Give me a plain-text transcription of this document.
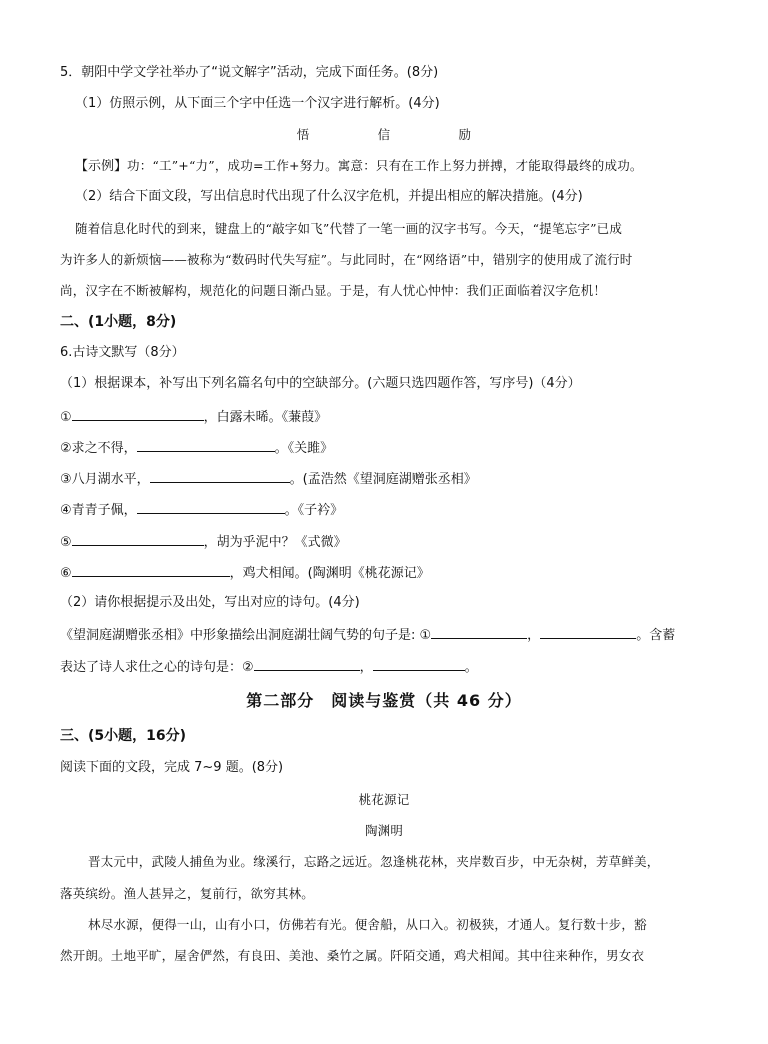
5．朝阳中学文学社举办了“说文解字”活动，完成下面任务。(8分)
（1）仿照示例，从下面三个字中任选一个汉字进行解析。(4分)
悟	信	励
【示例】功：“工”+“力”，成功=工作+努力。寓意：只有在工作上努力拼搏，才能取得最终的成功。
（2）结合下面文段，写出信息时代出现了什么汉字危机，并提出相应的解决措施。(4分)
随着信息化时代的到来，键盘上的“敲字如飞”代替了一笔一画的汉字书写。今天，“提笔忘字”已成
为许多人的新烦恼——被称为“数码时代失写症”。与此同时，在“网络语”中，错别字的使用成了流行时
尚，汉字在不断被解构，规范化的问题日渐凸显。于是，有人忧心忡忡：我们正面临着汉字危机！
二、(1小题，8分)
6.古诗文默写（8分）
（1）根据课本，补写出下列名篇名句中的空缺部分。(六题只选四题作答，写序号)（4分）
①	，白露未晞。《蒹葭》
②求之不得，	。《关雎》
③八月湖水平，	。(孟浩然《望洞庭湖赠张丞相》
④青青子佩，	。《子衿》
⑤	，胡为乎泥中？《式微》
⑥	，鸡犬相闻。(陶渊明《桃花源记》
（2）请你根据提示及出处，写出对应的诗句。(4分)
《望洞庭湖赠张丞相》中形象描绘出洞庭湖壮阔气势的句子是: ①	，	。含蓄
表达了诗人求仕之心的诗句是：②	，	。
第二部分　阅读与鉴赏（共 46 分）
三、(5小题，16分)
阅读下面的文段，完成 7~9 题。(8分)
桃花源记
陶渊明
晋太元中，武陵人捕鱼为业。缘溪行，忘路之远近。忽逢桃花林，夹岸数百步，中无杂树，芳草鲜美，
落英缤纷。渔人甚异之，复前行，欲穷其林。
林尽水源，便得一山，山有小口，仿佛若有光。便舍船，从口入。初极狭，才通人。复行数十步，豁
然开朗。土地平旷，屋舍俨然，有良田、美池、桑竹之属。阡陌交通，鸡犬相闻。其中往来种作，男女衣
